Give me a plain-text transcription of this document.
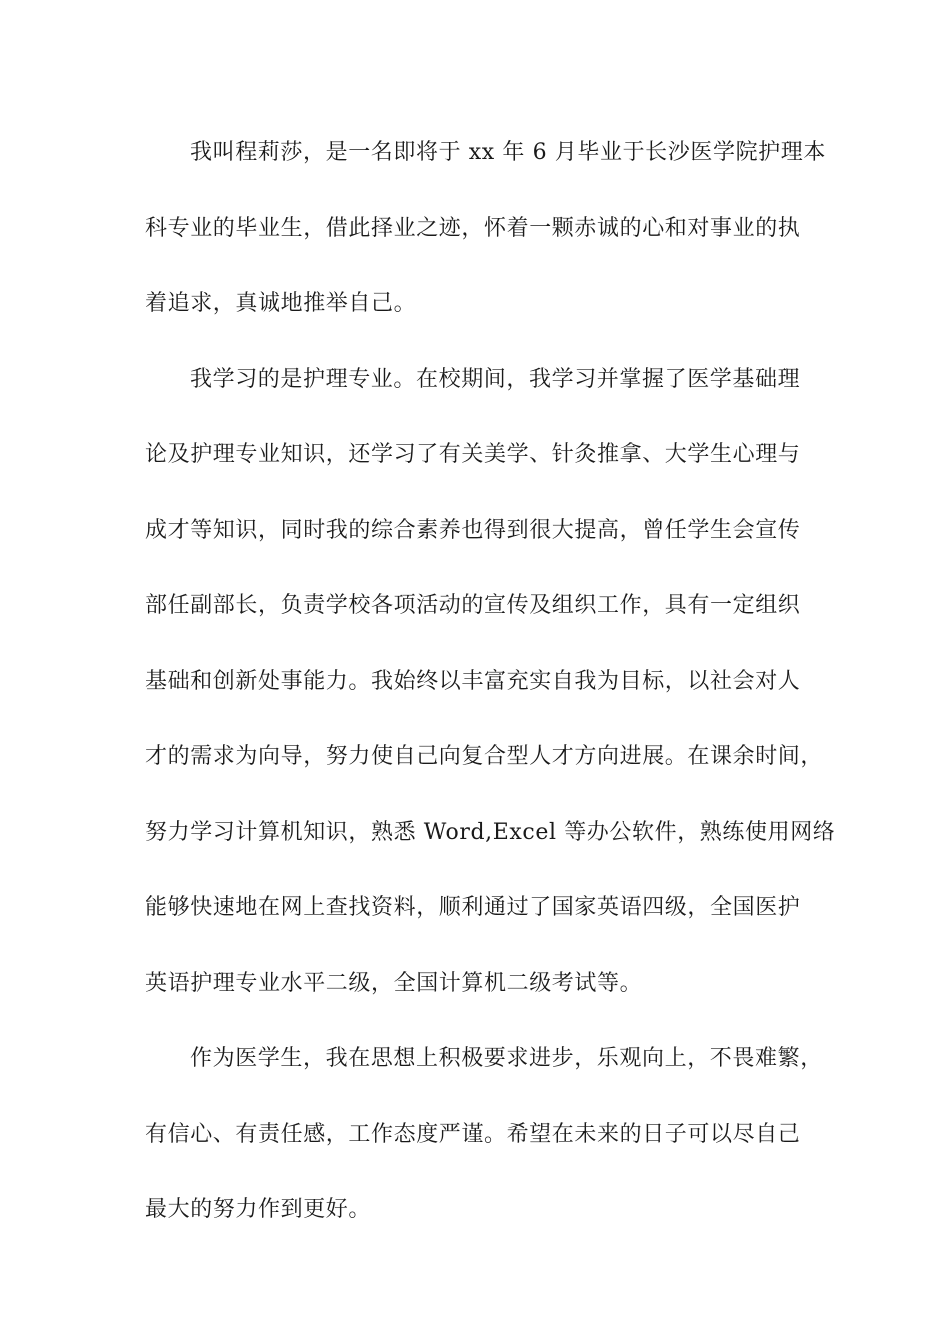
我叫程莉莎，是一名即将于 xx 年 6 月毕业于长沙医学院护理本
科专业的毕业生，借此择业之迹，怀着一颗赤诚的心和对事业的执
着追求，真诚地推举自己。
我学习的是护理专业。在校期间，我学习并掌握了医学基础理
论及护理专业知识，还学习了有关美学、针灸推拿、大学生心理与
成才等知识，同时我的综合素养也得到很大提高，曾任学生会宣传
部任副部长，负责学校各项活动的宣传及组织工作，具有一定组织
基础和创新处事能力。我始终以丰富充实自我为目标，以社会对人
才的需求为向导，努力使自己向复合型人才方向进展。在课余时间，
努力学习计算机知识，熟悉 Word,Excel 等办公软件，熟练使用网络
能够快速地在网上查找资料，顺利通过了国家英语四级，全国医护
英语护理专业水平二级，全国计算机二级考试等。
作为医学生，我在思想上积极要求进步，乐观向上，不畏难繁，
有信心、有责任感，工作态度严谨。希望在未来的日子可以尽自己
最大的努力作到更好。
